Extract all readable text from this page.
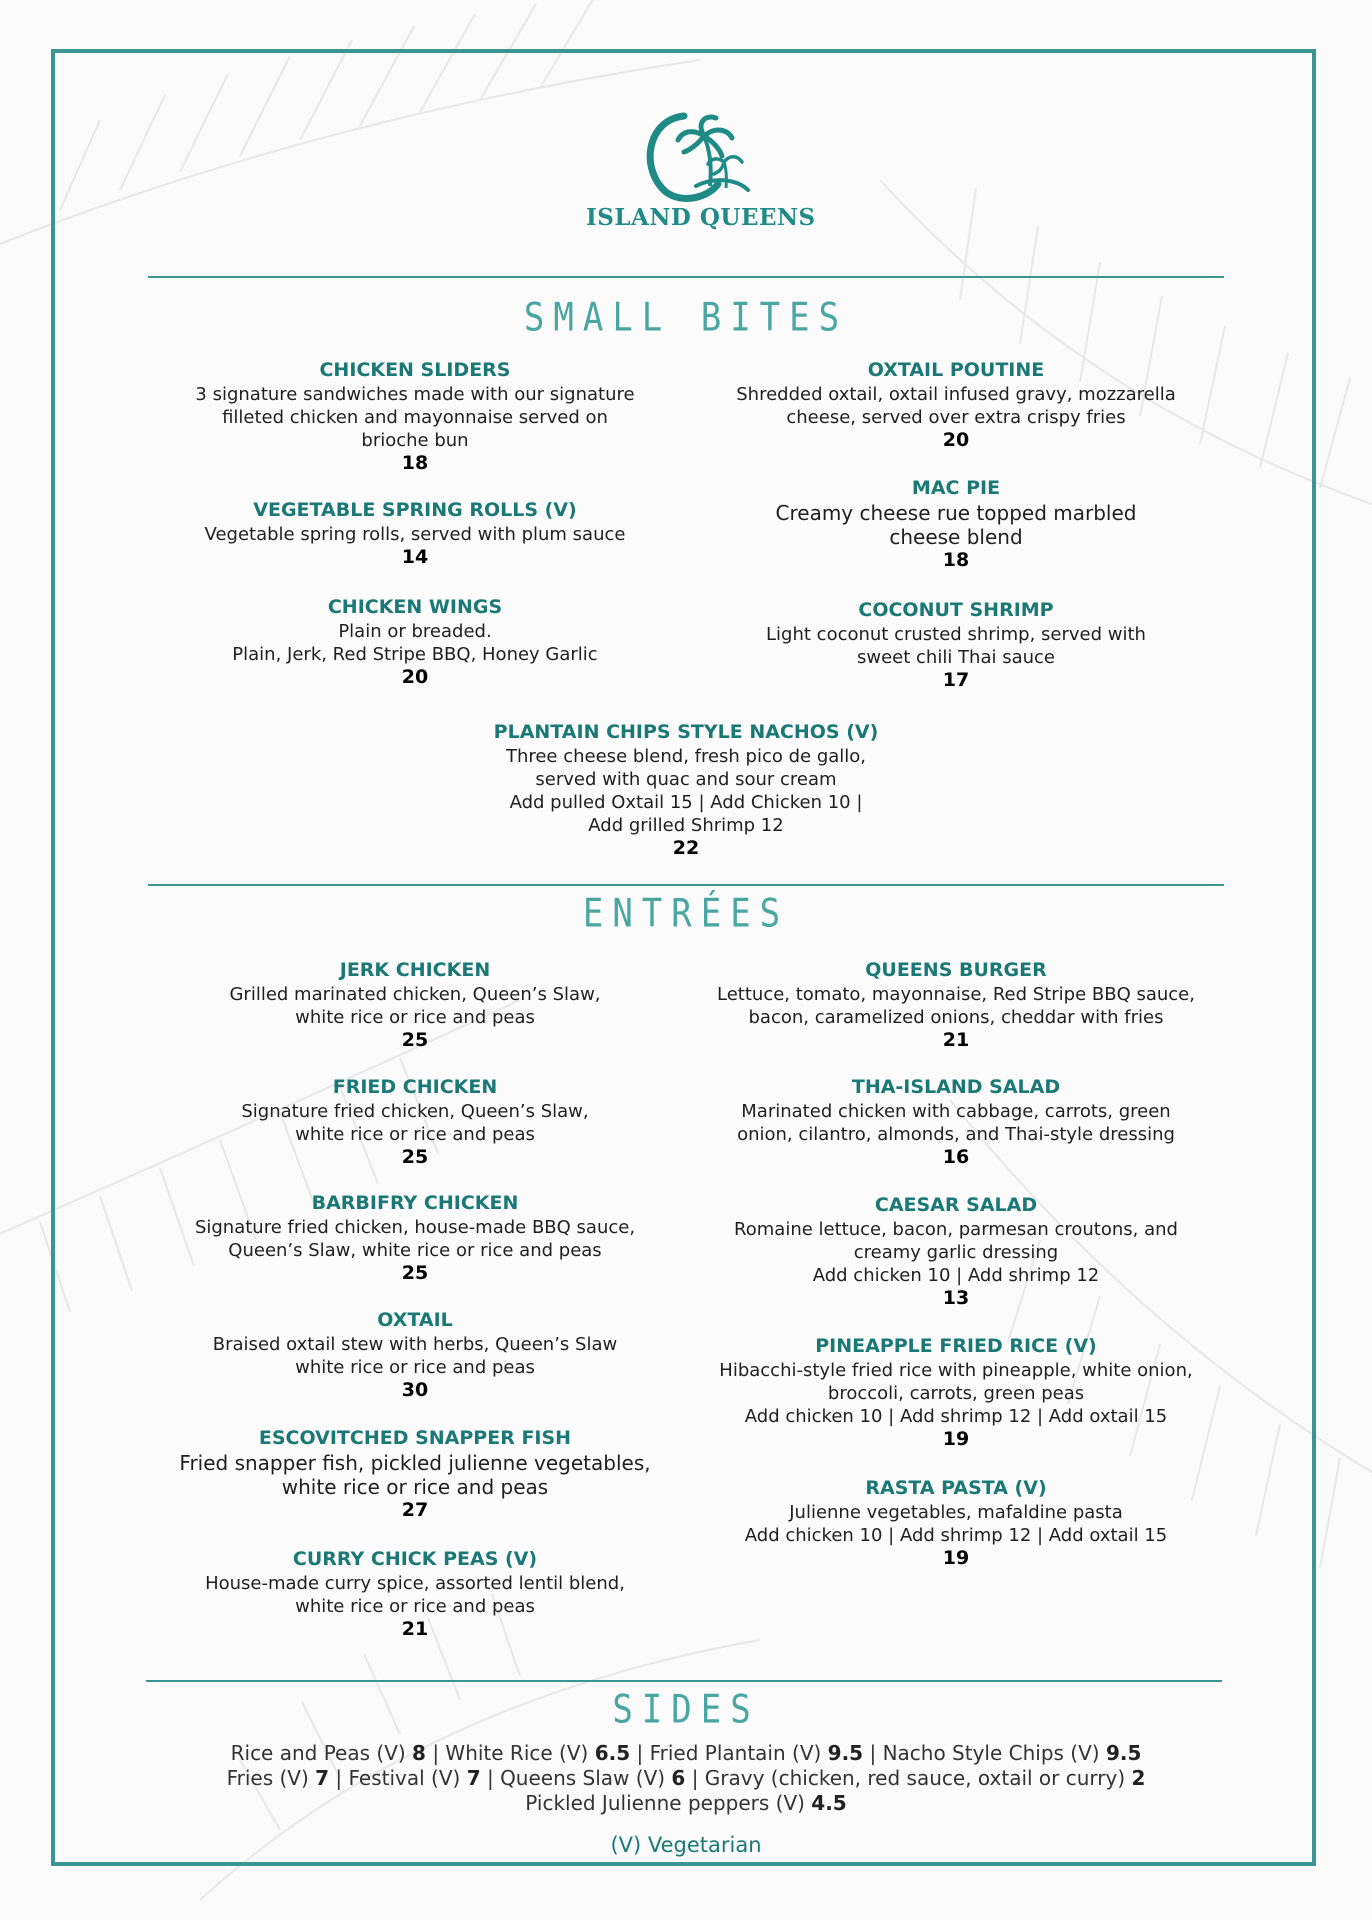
ISLAND QUEENS
SMALL BITES
CHICKEN SLIDERS
3 signature sandwiches made with our signature
filleted chicken and mayonnaise served on
brioche bun
18
OXTAIL POUTINE
Shredded oxtail, oxtail infused gravy, mozzarella
cheese, served over extra crispy fries
20
VEGETABLE SPRING ROLLS (V)
Vegetable spring rolls, served with plum sauce
14
MAC PIE
Creamy cheese rue topped marbled
cheese blend
18
CHICKEN WINGS
Plain or breaded.
Plain, Jerk, Red Stripe BBQ, Honey Garlic
20
COCONUT SHRIMP
Light coconut crusted shrimp, served with
sweet chili Thai sauce
17
PLANTAIN CHIPS STYLE NACHOS (V)
Three cheese blend, fresh pico de gallo,
served with quac and sour cream
Add pulled Oxtail 15 | Add Chicken 10 |
Add grilled Shrimp 12
22
ENTRÉES
JERK CHICKEN
Grilled marinated chicken, Queen’s Slaw,
white rice or rice and peas
25
QUEENS BURGER
Lettuce, tomato, mayonnaise, Red Stripe BBQ sauce,
bacon, caramelized onions, cheddar with fries
21
FRIED CHICKEN
Signature fried chicken, Queen’s Slaw,
white rice or rice and peas
25
THA-ISLAND SALAD
Marinated chicken with cabbage, carrots, green
onion, cilantro, almonds, and Thai-style dressing
16
BARBIFRY CHICKEN
Signature fried chicken, house-made BBQ sauce,
Queen’s Slaw, white rice or rice and peas
25
CAESAR SALAD
Romaine lettuce, bacon, parmesan croutons, and
creamy garlic dressing
Add chicken 10 | Add shrimp 12
13
OXTAIL
Braised oxtail stew with herbs, Queen’s Slaw
white rice or rice and peas
30
PINEAPPLE FRIED RICE (V)
Hibacchi-style fried rice with pineapple, white onion,
broccoli, carrots, green peas
Add chicken 10 | Add shrimp 12 | Add oxtail 15
19
ESCOVITCHED SNAPPER FISH
Fried snapper fish, pickled julienne vegetables,
white rice or rice and peas
27
RASTA PASTA (V)
Julienne vegetables, mafaldine pasta
Add chicken 10 | Add shrimp 12 | Add oxtail 15
19
CURRY CHICK PEAS (V)
House-made curry spice, assorted lentil blend,
white rice or rice and peas
21
SIDES
Rice and Peas (V) 8 | White Rice (V) 6.5 | Fried Plantain (V) 9.5 | Nacho Style Chips (V) 9.5
Fries (V) 7 | Festival (V) 7 | Queens Slaw (V) 6 | Gravy (chicken, red sauce, oxtail or curry) 2
Pickled Julienne peppers (V) 4.5
(V) Vegetarian
